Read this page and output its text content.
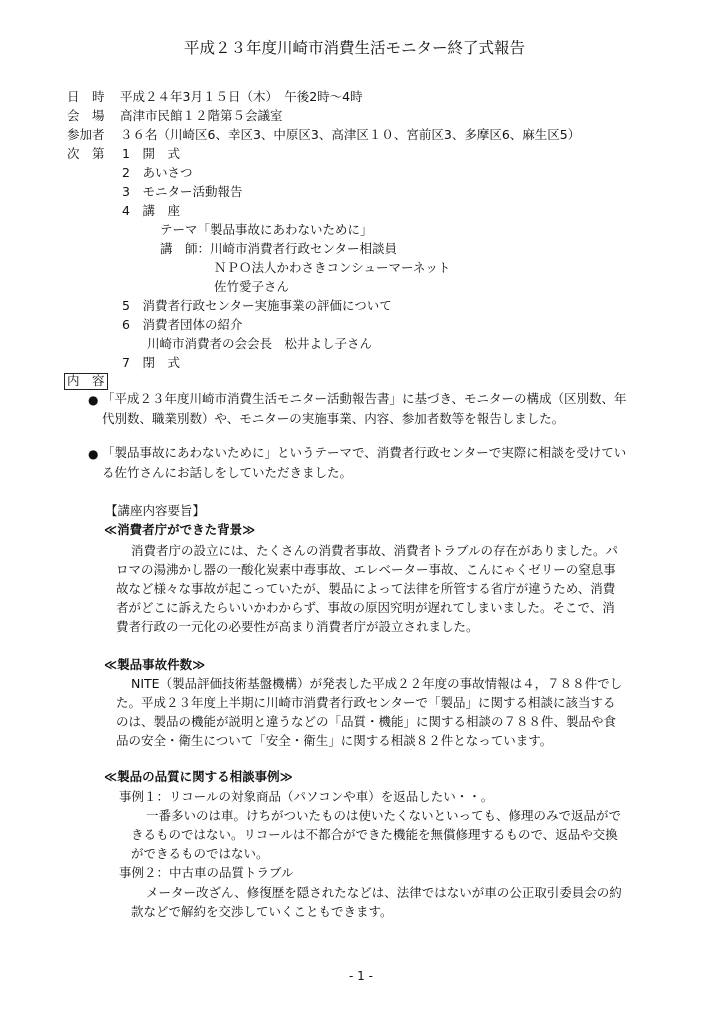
平成２３年度川崎市消費生活モニター終了式報告
日　時 平成２４年3月１５日（木）　午後2時～4時
会　場 高津市民館１２階第５会議室
参加者 ３６名（川崎区6、幸区3、中原区3、高津区１０、宮前区3、多摩区6、麻生区5）
次　第 1　開　式
2　あいさつ
3　モニター活動報告
4　講　座
テーマ「製品事故にあわないために」
講　師：川崎市消費者行政センター相談員
ＮＰＯ法人かわさきコンシューマーネット
佐竹愛子さん
5　消費者行政センター実施事業の評価について
6　消費者団体の紹介
川崎市消費者の会会長　松井よし子さん
7　閉　式
内　容
● 「平成２３年度川崎市消費生活モニター活動報告書」に基づき、モニターの構成（区別数、年
代別数、職業別数）や、モニターの実施事業、内容、参加者数等を報告しました。
● 「製品事故にあわないために」というテーマで、消費者行政センターで実際に相談を受けてい
る佐竹さんにお話しをしていただきました。
【講座内容要旨】
≪消費者庁ができた背景≫
消費者庁の設立には、たくさんの消費者事故、消費者トラブルの存在がありました。パ
ロマの湯沸かし器の一酸化炭素中毒事故、エレベーター事故、こんにゃくゼリーの窒息事
故など様々な事故が起こっていたが、製品によって法律を所管する省庁が違うため、消費
者がどこに訴えたらいいかわからず、事故の原因究明が遅れてしまいました。そこで、消
費者行政の一元化の必要性が高まり消費者庁が設立されました。
≪製品事故件数≫
NITE（製品評価技術基盤機構）が発表した平成２２年度の事故情報は４，７８８件でし
た。平成２３年度上半期に川崎市消費者行政センターで「製品」に関する相談に該当する
のは、製品の機能が説明と違うなどの「品質・機能」に関する相談の７８８件、製品や食
品の安全・衛生について「安全・衛生」に関する相談８２件となっています。
≪製品の品質に関する相談事例≫
事例１：リコールの対象商品（パソコンや車）を返品したい・・。
一番多いのは車。けちがついたものは使いたくないといっても、修理のみで返品がで
きるものではない。リコールは不都合ができた機能を無償修理するもので、返品や交換
ができるものではない。
事例２：中古車の品質トラブル
メーター改ざん、修復歴を隠されたなどは、法律ではないが車の公正取引委員会の約
款などで解約を交渉していくこともできます。
- 1 -
